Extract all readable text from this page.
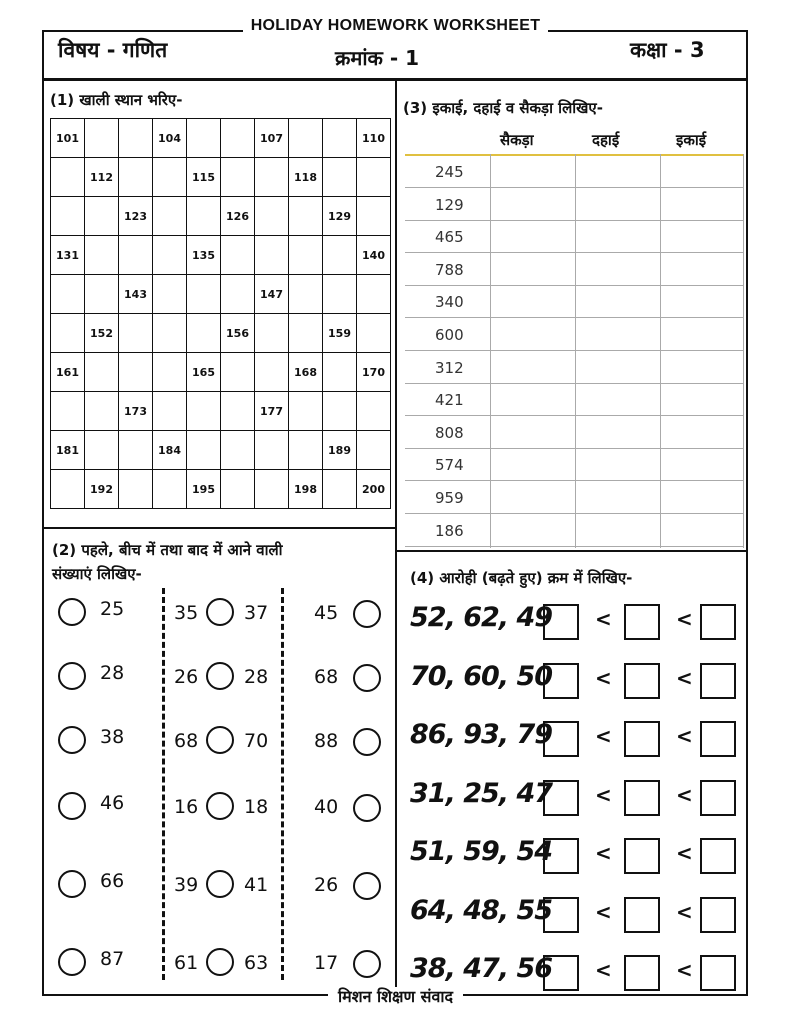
HOLIDAY HOMEWORK WORKSHEET
विषय - गणित	क्रमांक - 1	कक्षा - 3
(1) खाली स्थान भरिए-
101			104			107			110
	112			115			118		
		123			126			129	
131				135					140
		143				147			
	152				156			159	
161				165			168		170
		173				177			
181			184					189	
	192			195			198		200
(3) इकाई, दहाई व सैकड़ा लिखिए-
सैकड़ा	दहाई	इकाई
245
129
465
788
340
600
312
421
808
574
959
186
(2) पहले, बीच में तथा बाद में आने वाली
संख्याएं लिखिए-
25	35 37 45
28	26 28 68
38	68 70 88
46	16 18 40
66	39 41 26
87	61 63 17
(4) आरोही (बढ़ते हुए) क्रम में लिखिए-
52, 62, 49 <	<
70, 60, 50 <	<
86, 93, 79 <	<
31, 25, 47 <	<
51, 59, 54 <	<
64, 48, 55 <	<
38, 47, 56 <	<
मिशन शिक्षण संवाद
